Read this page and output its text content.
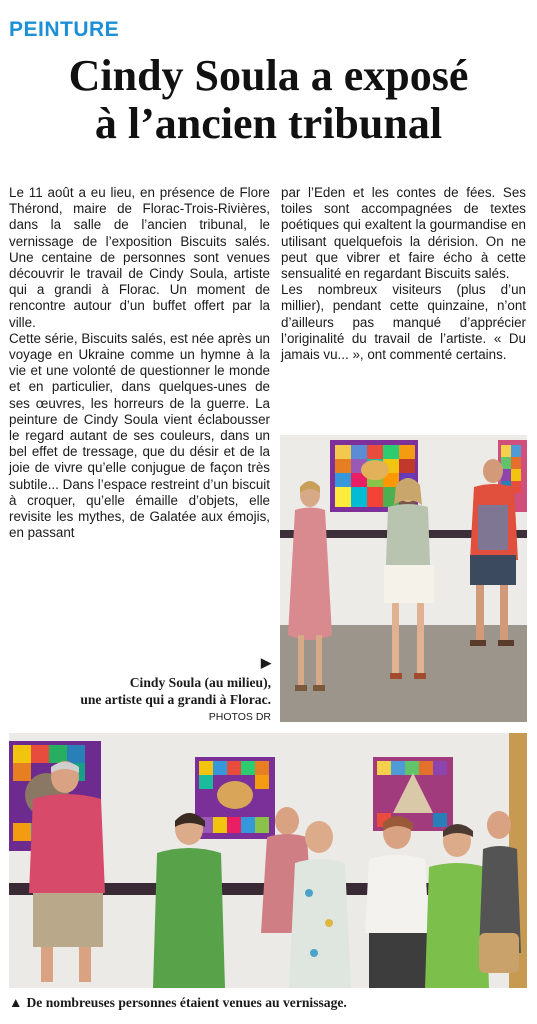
PEINTURE
Cindy Soula a exposé
à l’ancien tribunal

Le 11 août a eu lieu, en présence de Flore Thérond, maire de Florac-Trois-Rivières, dans la salle de l’ancien tribunal, le vernissage de l’exposition Biscuits salés. Une centaine de personnes sont venues découvrir le travail de Cindy Soula, artiste qui a grandi à Florac. Un moment de rencontre autour d’un buffet offert par la ville.

Cette série, Biscuits salés, est née après un voyage en Ukraine comme un hymne à la vie et une volonté de questionner le monde et en particulier, dans quelques-unes de ses œuvres, les horreurs de la guerre. La peinture de Cindy Soula vient éclabousser le regard autant de ses couleurs, dans un bel effet de tressage, que du désir et de la joie de vivre qu’elle conjugue de façon très subtile... Dans l’espace restreint d’un biscuit à croquer, qu’elle émaille d’objets, elle revisite les mythes, de Galatée aux émojis, en passant

par l’Eden et les contes de fées. Ses toiles sont accompagnées de textes poétiques qui exaltent la gourmandise en utilisant quelquefois la dérision. On ne peut que vibrer et faire écho à cette sensualité en regardant Biscuits salés.

Les nombreux visiteurs (plus d’un millier), pendant cette quinzaine, n’ont d’ailleurs pas manqué d’apprécier l’originalité du travail de l’artiste. « Du jamais vu... », ont commenté certains.

▶
Cindy Soula (au milieu),
une artiste qui a grandi à Florac.
PHOTOS DR
▲ De nombreuses personnes étaient venues au vernissage.
